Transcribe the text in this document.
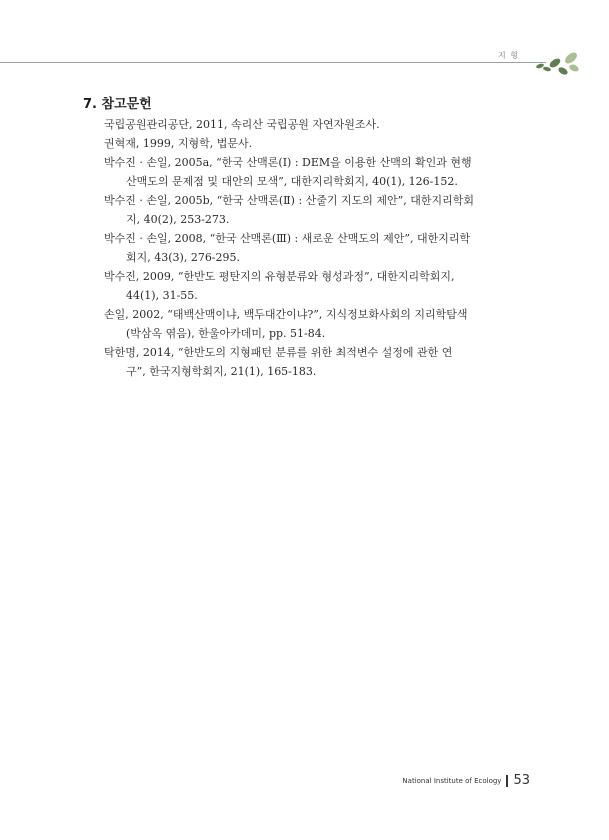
지 형
7. 참고문헌

국립공원관리공단, 2011, 속리산 국립공원 자연자원조사.

권혁재, 1999, 지형학, 법문사.

박수진 · 손일, 2005a, “한국 산맥론(Ⅰ) : DEM을 이용한 산맥의 확인과 현행
산맥도의 문제점 및 대안의 모색”, 대한지리학회지, 40(1), 126-152.

박수진 · 손일, 2005b, “한국 산맥론(Ⅱ) : 산줄기 지도의 제안”, 대한지리학회
지, 40(2), 253-273.

박수진 · 손일, 2008, “한국 산맥론(Ⅲ) : 새로운 산맥도의 제안”, 대한지리학
회지, 43(3), 276-295.

박수진, 2009, “한반도 평탄지의 유형분류와 형성과정”, 대한지리학회지,
44(1), 31-55.

손일, 2002, “태백산맥이냐, 백두대간이냐?”, 지식정보화사회의 지리학탐색
(박삼옥 엮음), 한울아카데미, pp. 51-84.

탁한명, 2014, “한반도의 지형패턴 분류를 위한 최적변수 설정에 관한 연
구”, 한국지형학회지, 21(1), 165-183.

National Institute of Ecology 53
